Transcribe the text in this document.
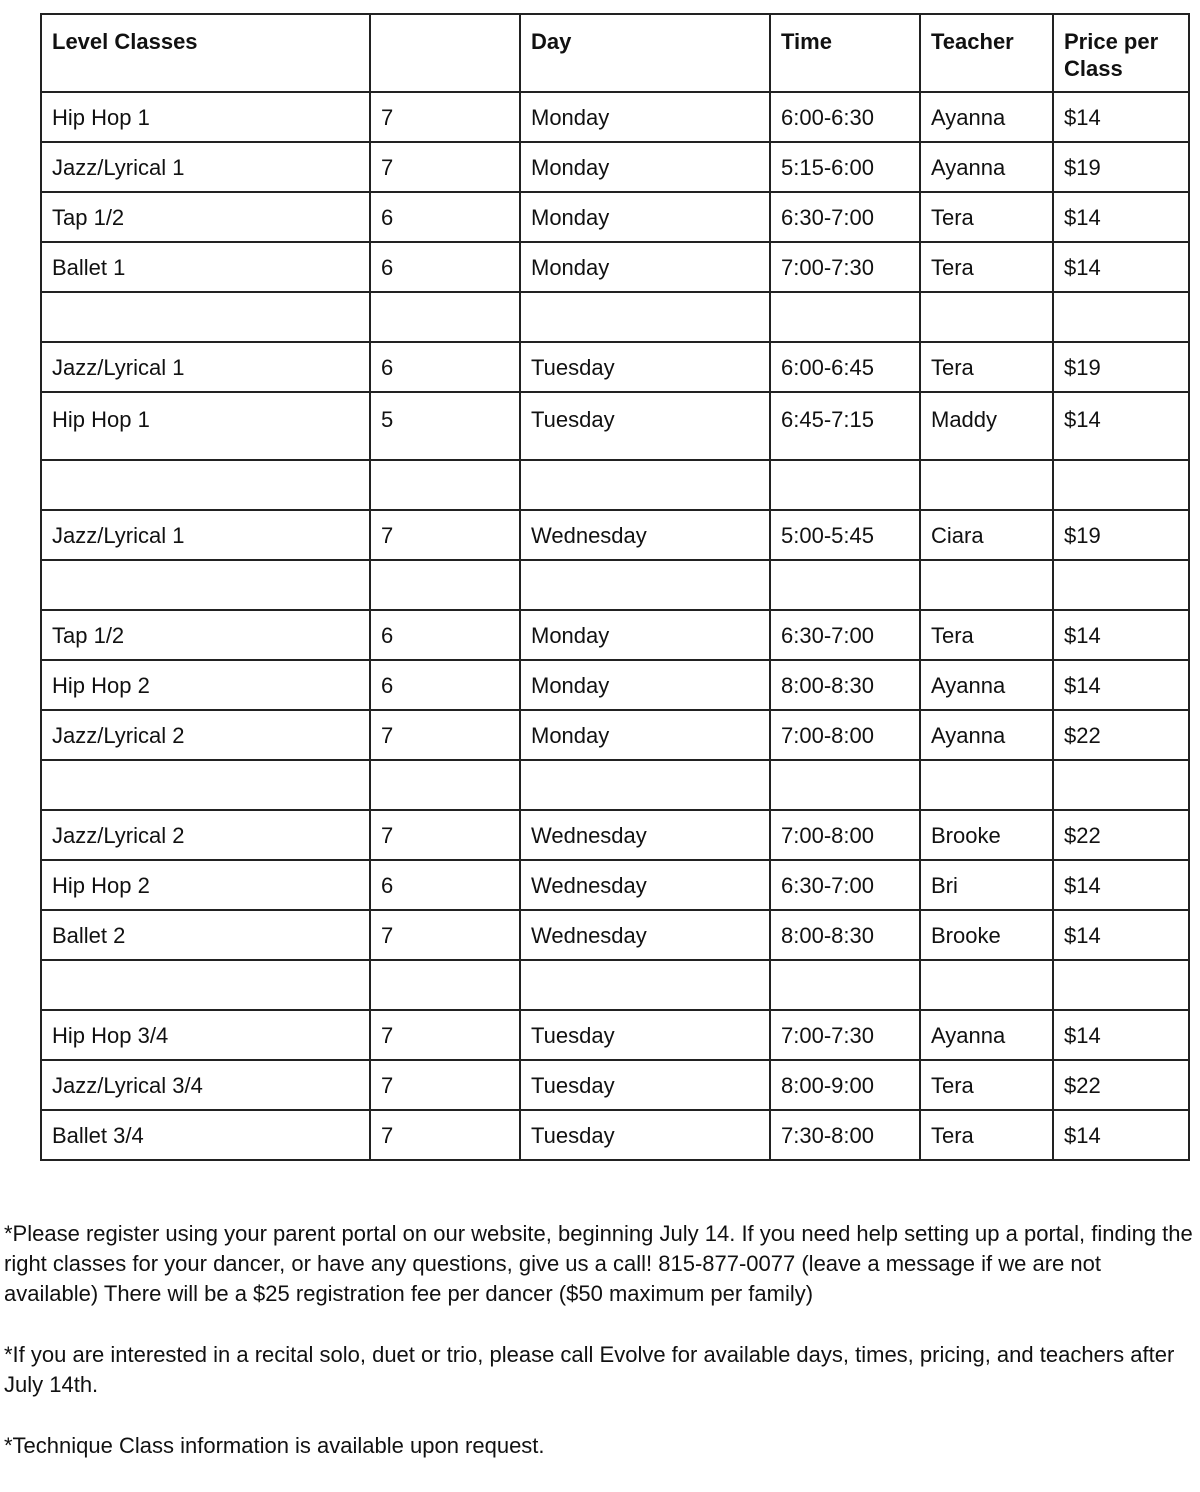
Level Classes		Day	Time	Teacher	Price per Class
Hip Hop 1	7	Monday	6:00-6:30	Ayanna	$14
Jazz/Lyrical 1	7	Monday	5:15-6:00	Ayanna	$19
Tap 1/2	6	Monday	6:30-7:00	Tera	$14
Ballet 1	6	Monday	7:00-7:30	Tera	$14

Jazz/Lyrical 1	6	Tuesday	6:00-6:45	Tera	$19
Hip Hop 1	5	Tuesday	6:45-7:15	Maddy	$14

Jazz/Lyrical 1	7	Wednesday	5:00-5:45	Ciara	$19

Tap 1/2	6	Monday	6:30-7:00	Tera	$14
Hip Hop 2	6	Monday	8:00-8:30	Ayanna	$14
Jazz/Lyrical 2	7	Monday	7:00-8:00	Ayanna	$22

Jazz/Lyrical 2	7	Wednesday	7:00-8:00	Brooke	$22
Hip Hop 2	6	Wednesday	6:30-7:00	Bri	$14
Ballet 2	7	Wednesday	8:00-8:30	Brooke	$14

Hip Hop 3/4	7	Tuesday	7:00-7:30	Ayanna	$14
Jazz/Lyrical 3/4	7	Tuesday	8:00-9:00	Tera	$22
Ballet 3/4	7	Tuesday	7:30-8:00	Tera	$14

*Please register using your parent portal on our website, beginning July 14. If you need help setting up a portal, finding the right classes for your dancer, or have any questions, give us a call! 815-877-0077 (leave a message if we are not available) There will be a $25 registration fee per dancer ($50 maximum per family)

*If you are interested in a recital solo, duet or trio, please call Evolve for available days, times, pricing, and teachers after July 14th.

*Technique Class information is available upon request.
